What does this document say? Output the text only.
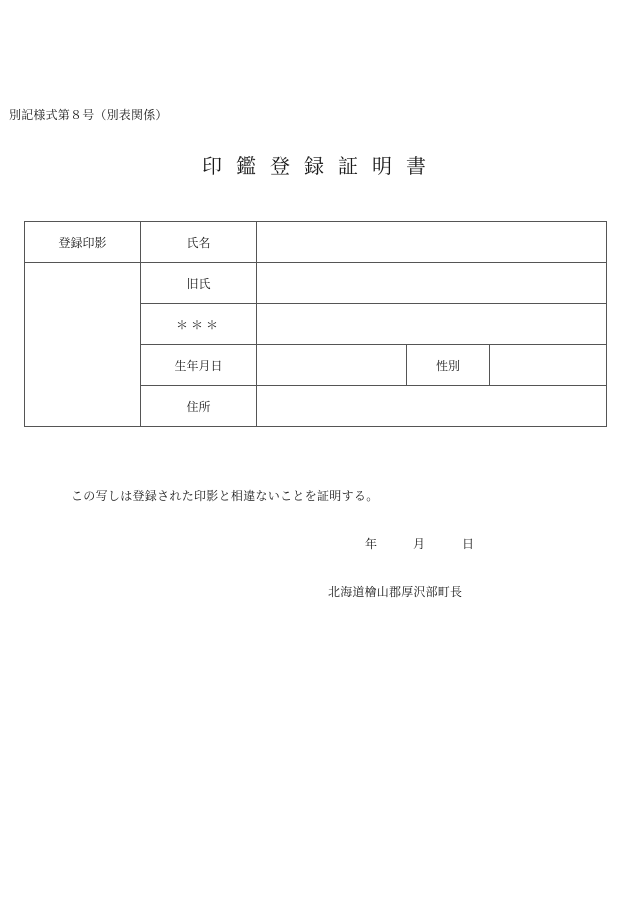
別記様式第８号（別表関係）
印鑑登録証明書
登録印影	氏名			
	旧氏			
	＊＊＊			
	生年月日		性別	
	住所			
この写しは登録された印影と相違ないことを証明する。
年	月	日
北海道檜山郡厚沢部町長
